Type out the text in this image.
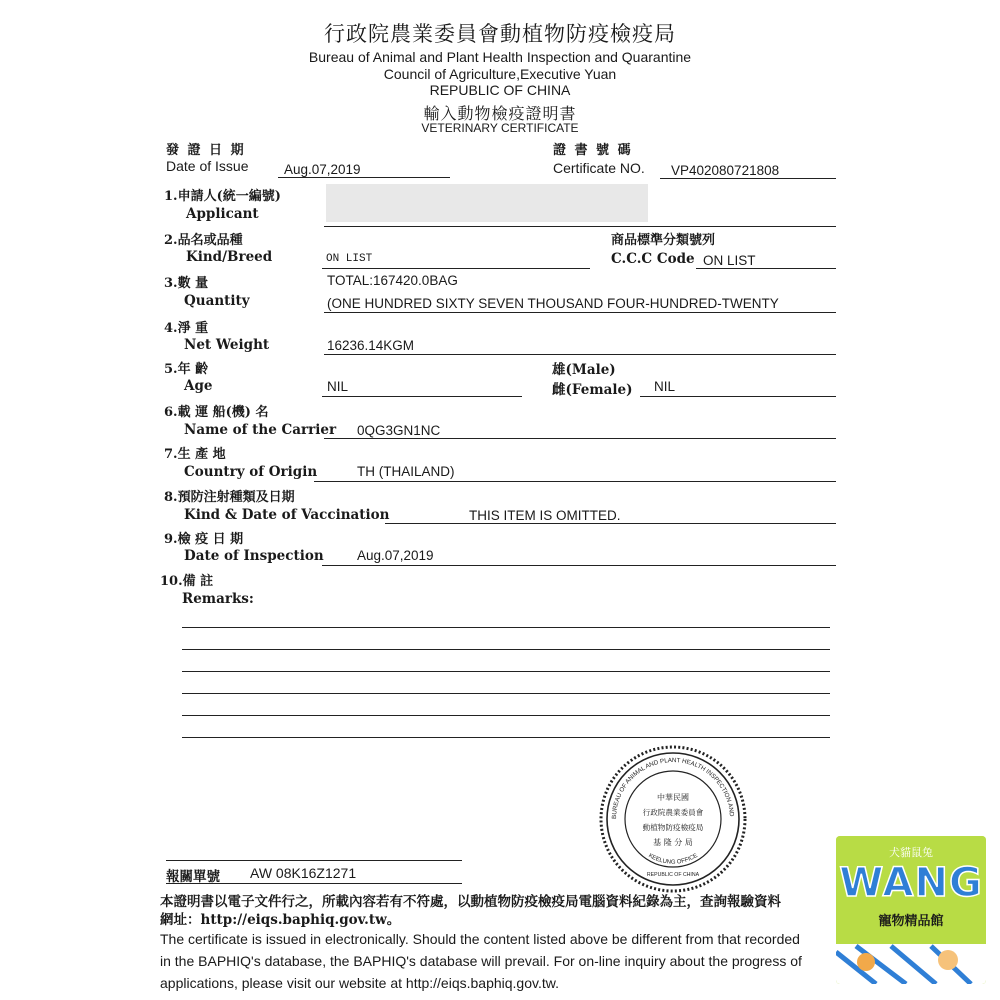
行政院農業委員會動植物防疫檢疫局
Bureau of Animal and Plant Health Inspection and Quarantine
Council of Agriculture,Executive Yuan
REPUBLIC OF CHINA
輸入動物檢疫證明書
VETERINARY CERTIFICATE
發 證 日 期
Date of Issue	Aug.07,2019
證 書 號 碼
Certificate NO. VP402080721808
1.申請人(統一編號)
Applicant
2.品名或品種
Kind/Breed	ON LIST
商品標準分類號列
C.C.C Code ON LIST
3.數 量
Quantity
TOTAL:167420.0BAG
(ONE HUNDRED SIXTY SEVEN THOUSAND FOUR-HUNDRED-TWENTY
4.淨 重
Net Weight	16236.14KGM
5.年 齡
Age	NIL
雄(Male)
雌(Female) NIL
6.載 運 船(機) 名
Name of the Carrier 0QG3GN1NC
7.生 產 地
Country of Origin	TH (THAILAND)
8.預防注射種類及日期
Kind & Date of Vaccination	THIS ITEM IS OMITTED.
9.檢 疫 日 期
Date of Inspection Aug.07,2019
10.備 註
Remarks:
BUREAU OF ANIMAL AND PLANT HEALTH INSPECTION AND
KEELUNG OFFICE
REPUBLIC OF CHINA
中華民國
行政院農業委員會
動植物防疫檢疫局
基 隆 分 局
報關單號 AW 08K16Z1271
本證明書以電子文件行之，所載內容若有不符處，以動植物防疫檢疫局電腦資料紀錄為主，查詢報驗資料
網址：http://eiqs.baphiq.gov.tw。
The certificate is issued in electronically. Should the content listed above be different from that recorded
in the BAPHIQ's database, the BAPHIQ's database will prevail. For on-line inquiry about the progress of
applications, please visit our website at http://eiqs.baphiq.gov.tw.
犬貓鼠兔
WANG
寵物精品館
